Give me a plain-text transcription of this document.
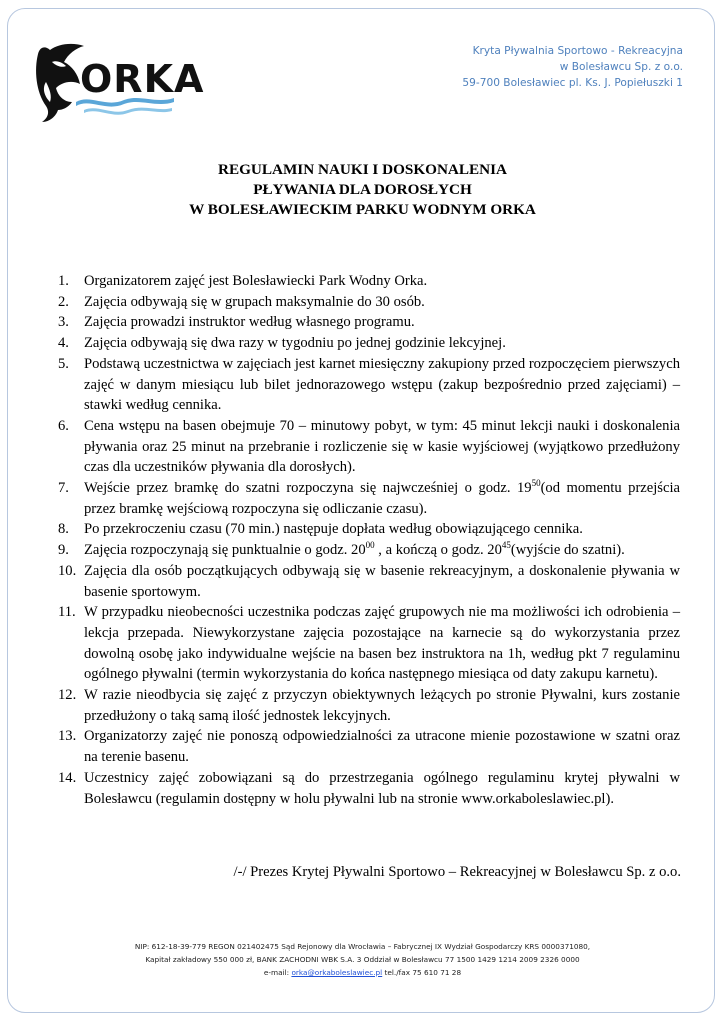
ORKA
Kryta Pływalnia Sportowo - Rekreacyjna
w Bolesławcu Sp. z o.o.
59-700 Bolesławiec pl. Ks. J. Popiełuszki 1
REGULAMIN NAUKI I DOSKONALENIA
PŁYWANIA DLA DOROSŁYCH
W BOLESŁAWIECKIM PARKU WODNYM ORKA
1. Organizatorem zajęć jest Bolesławiecki Park Wodny Orka.
2. Zajęcia odbywają się w grupach maksymalnie do 30 osób.
3. Zajęcia prowadzi instruktor według własnego programu.
4. Zajęcia odbywają się dwa razy w tygodniu po jednej godzinie lekcyjnej.
5. Podstawą uczestnictwa w zajęciach jest karnet miesięczny zakupiony przed rozpoczęciem pierwszych zajęć w danym miesiącu lub bilet jednorazowego wstępu (zakup bezpośrednio przed zajęciami) – stawki według cennika.
6. Cena wstępu na basen obejmuje 70 – minutowy pobyt, w tym: 45 minut lekcji nauki i doskonalenia pływania oraz 25 minut na przebranie i rozliczenie się w kasie wyjściowej (wyjątkowo przedłużony czas dla uczestników pływania dla dorosłych).
7. Wejście przez bramkę do szatni rozpoczyna się najwcześniej o godz. $19^{50}(od$ momentu przejścia przez bramkę wejściową rozpoczyna się odliczanie czasu).
8. Po przekroczeniu czasu (70 min.) następuje dopłata według obowiązującego cennika.
9. Zajęcia rozpoczynają się punktualnie o godz. $20^{00}$ , a kończą o godz. $20^{45}(wyjście$ do szatni).
10. Zajęcia dla osób początkujących odbywają się w basenie rekreacyjnym, a doskonalenie pływania w basenie sportowym.
11. W przypadku nieobecności uczestnika podczas zajęć grupowych nie ma możliwości ich odrobienia – lekcja przepada. Niewykorzystane zajęcia pozostające na karnecie są do wykorzystania przez dowolną osobę jako indywidualne wejście na basen bez instruktora na 1h, według pkt 7 regulaminu ogólnego pływalni (termin wykorzystania do końca następnego miesiąca od daty zakupu karnetu).
12. W razie nieodbycia się zajęć z przyczyn obiektywnych leżących po stronie Pływalni, kurs zostanie przedłużony o taką samą ilość jednostek lekcyjnych.
13. Organizatorzy zajęć nie ponoszą odpowiedzialności za utracone mienie pozostawione w szatni oraz na terenie basenu.
14. Uczestnicy zajęć zobowiązani są do przestrzegania ogólnego regulaminu krytej pływalni w Bolesławcu (regulamin dostępny w holu pływalni lub na stronie www.orkaboleslawiec.pl).
/-/ Prezes Krytej Pływalni Sportowo – Rekreacyjnej w Bolesławcu Sp. z o.o.
NIP: 612-18-39-779 REGON 021402475 Sąd Rejonowy dla Wrocławia – Fabrycznej IX Wydział Gospodarczy KRS 0000371080,
Kapitał zakładowy 550 000 zł, BANK ZACHODNI WBK S.A. 3 Oddział w Bolesławcu 77 1500 1429 1214 2009 2326 0000
e-mail: orka@orkaboleslawiec.pl tel./fax 75 610 71 28
